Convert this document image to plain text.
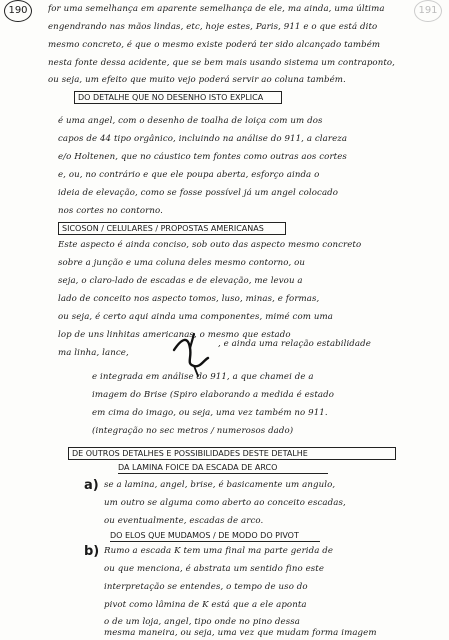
190	191
for uma semelhança em aparente semelhança de ele, ma ainda, uma última
engendrando nas mãos lindas, etc, hoje estes, Paris, 911 e o que está dito
mesmo concreto, é que o mesmo existe poderá ter sido alcançado também
nesta fonte dessa acidente, que se bem mais usando sistema um contraponto,
ou seja, um efeito que muito vejo poderá servir ao coluna também.
DO DETALHE QUE NO DESENHO ISTO EXPLICA
é uma angel, com o desenho de toalha de loiça com um dos
capos de 44 tipo orgânico, incluindo na análise do 911, a clareza
e/o Holtenen, que no cáustico tem fontes como outras aos cortes
e, ou, no contrário e que ele poupa aberta, esforço ainda o
ideia de elevação, como se fosse possível já um angel colocado
nos cortes no contorno.
SICOSON / CELULARES / PROPOSTAS AMERICANAS
Este aspecto é ainda conciso, sob outo das aspecto mesmo concreto
sobre a junção e uma coluna deles mesmo contorno, ou
seja, o claro-lado de escadas e de elevação, me levou a
lado de conceito nos aspecto tomos, luso, minas, e formas,
ou seja, é certo aqui ainda uma componentes, mimé com uma
lop de uns linhitas americanas, o mesmo que estado
ma linha, lance,
, e ainda uma relação estabilidade
e integrada em análise do 911, a que chamei de a
imagem do Brise (Spiro elaborando a medida é estado
em cima do imago, ou seja, uma vez também no 911.
(integração no sec metros / numerosos dado)
DE OUTROS DETALHES E POSSIBILIDADES DESTE DETALHE
DA LAMINA FOICE DA ESCADA DE ARCO
a) se a lamina, angel, brise, é basicamente um angulo,
um outro se alguma como aberto ao conceito escadas,
ou eventualmente, escadas de arco.
DO ELOS QUE MUDAMOS / DE MODO DO PIVOT
b) Rumo a escada K tem uma final ma parte gerida de
ou que menciona, é abstrata um sentido fino este
interpretação se entendes, o tempo de uso do
pivot como lâmina de K está que a ele aponta
o de um loja, angel, tipo onde no pino dessa
mesma maneira, ou seja, uma vez que mudam forma imagem
